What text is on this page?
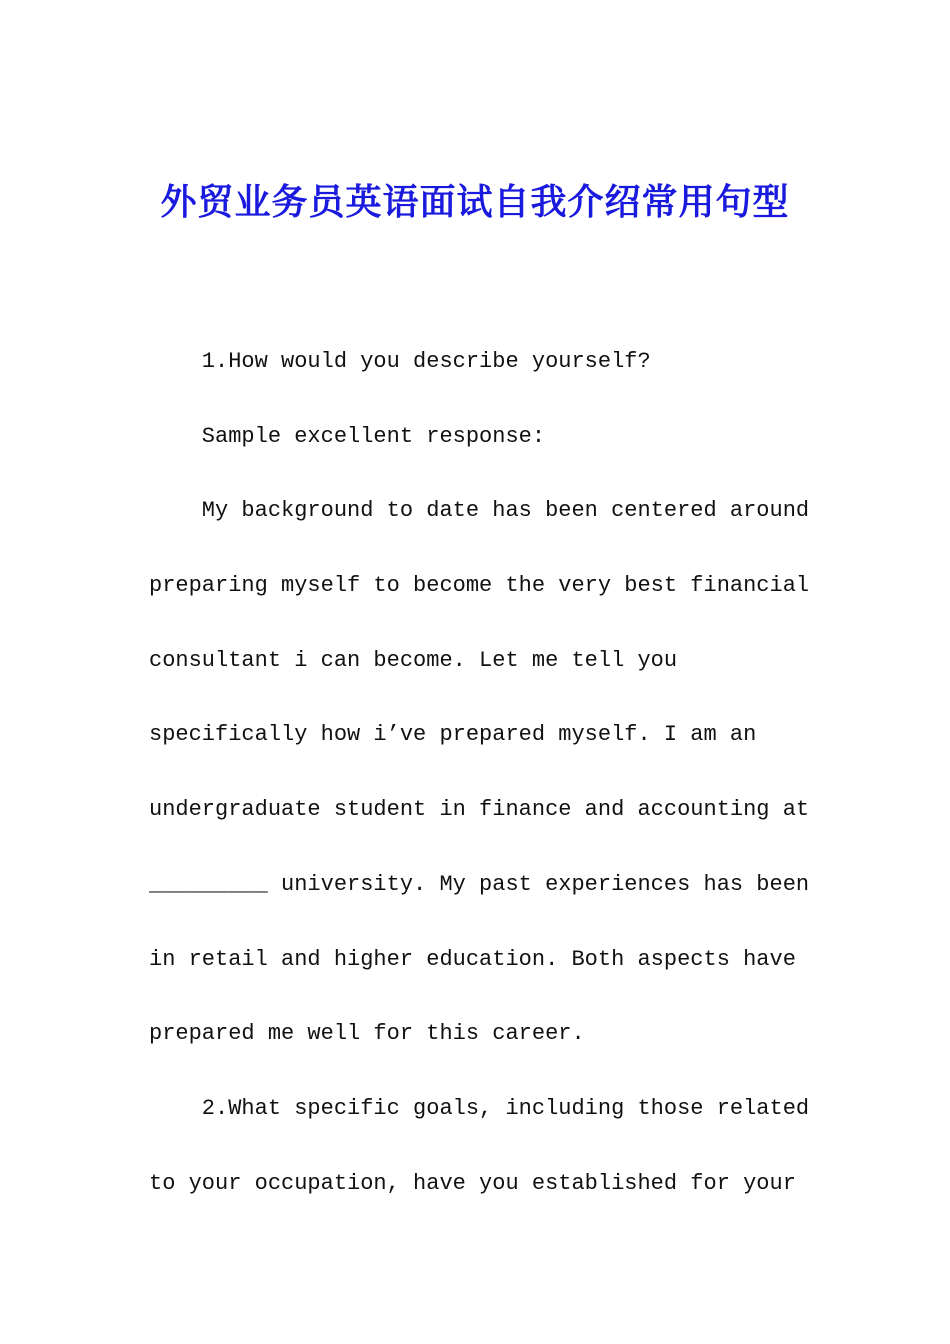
外贸业务员英语面试自我介绍常用句型

1.How would you describe yourself?

Sample excellent response:

My background to date has been centered around

preparing myself to become the very best financial

consultant i can become. Let me tell you

specifically how i’ve prepared myself. I am an

undergraduate student in finance and accounting at

_________ university. My past experiences has been

in retail and higher education. Both aspects have

prepared me well for this career.

2.What specific goals, including those related

to your occupation, have you established for your
